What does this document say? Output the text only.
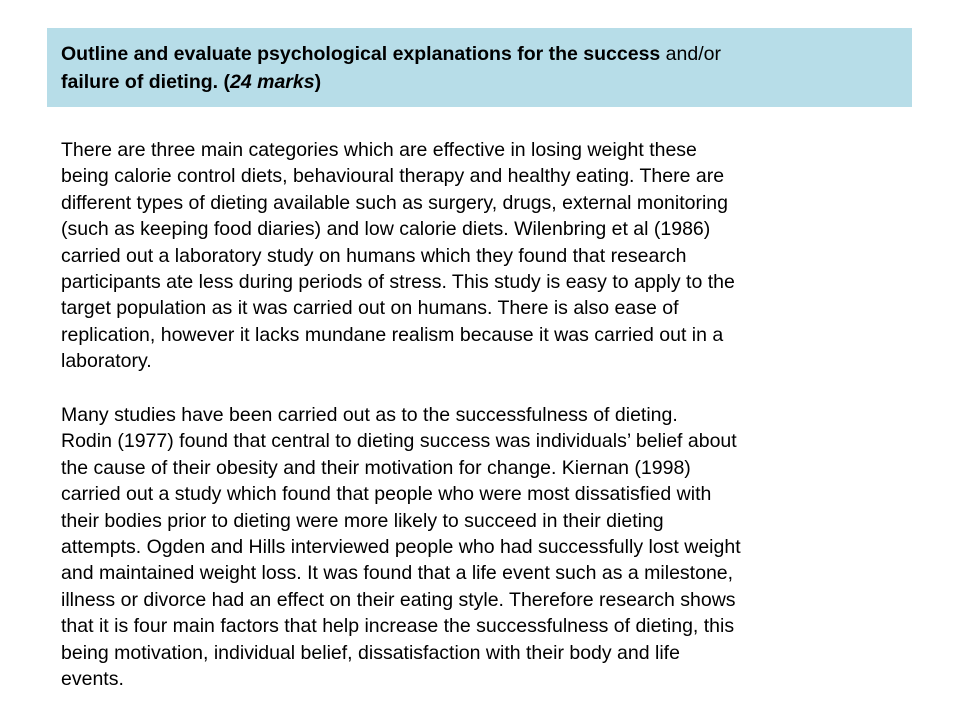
Outline and evaluate psychological explanations for the success and/or
failure of dieting. (24 marks)

There are three main categories which are effective in losing weight these
being calorie control diets, behavioural therapy and healthy eating. There are
different types of dieting available such as surgery, drugs, external monitoring
(such as keeping food diaries) and low calorie diets. Wilenbring et al (1986)
carried out a laboratory study on humans which they found that research
participants ate less during periods of stress. This study is easy to apply to the
target population as it was carried out on humans. There is also ease of
replication, however it lacks mundane realism because it was carried out in a
laboratory.

Many studies have been carried out as to the successfulness of dieting.
Rodin (1977) found that central to dieting success was individuals’ belief about
the cause of their obesity and their motivation for change. Kiernan (1998)
carried out a study which found that people who were most dissatisfied with
their bodies prior to dieting were more likely to succeed in their dieting
attempts. Ogden and Hills interviewed people who had successfully lost weight
and maintained weight loss. It was found that a life event such as a milestone,
illness or divorce had an effect on their eating style. Therefore research shows
that it is four main factors that help increase the successfulness of dieting, this
being motivation, individual belief, dissatisfaction with their body and life
events.
